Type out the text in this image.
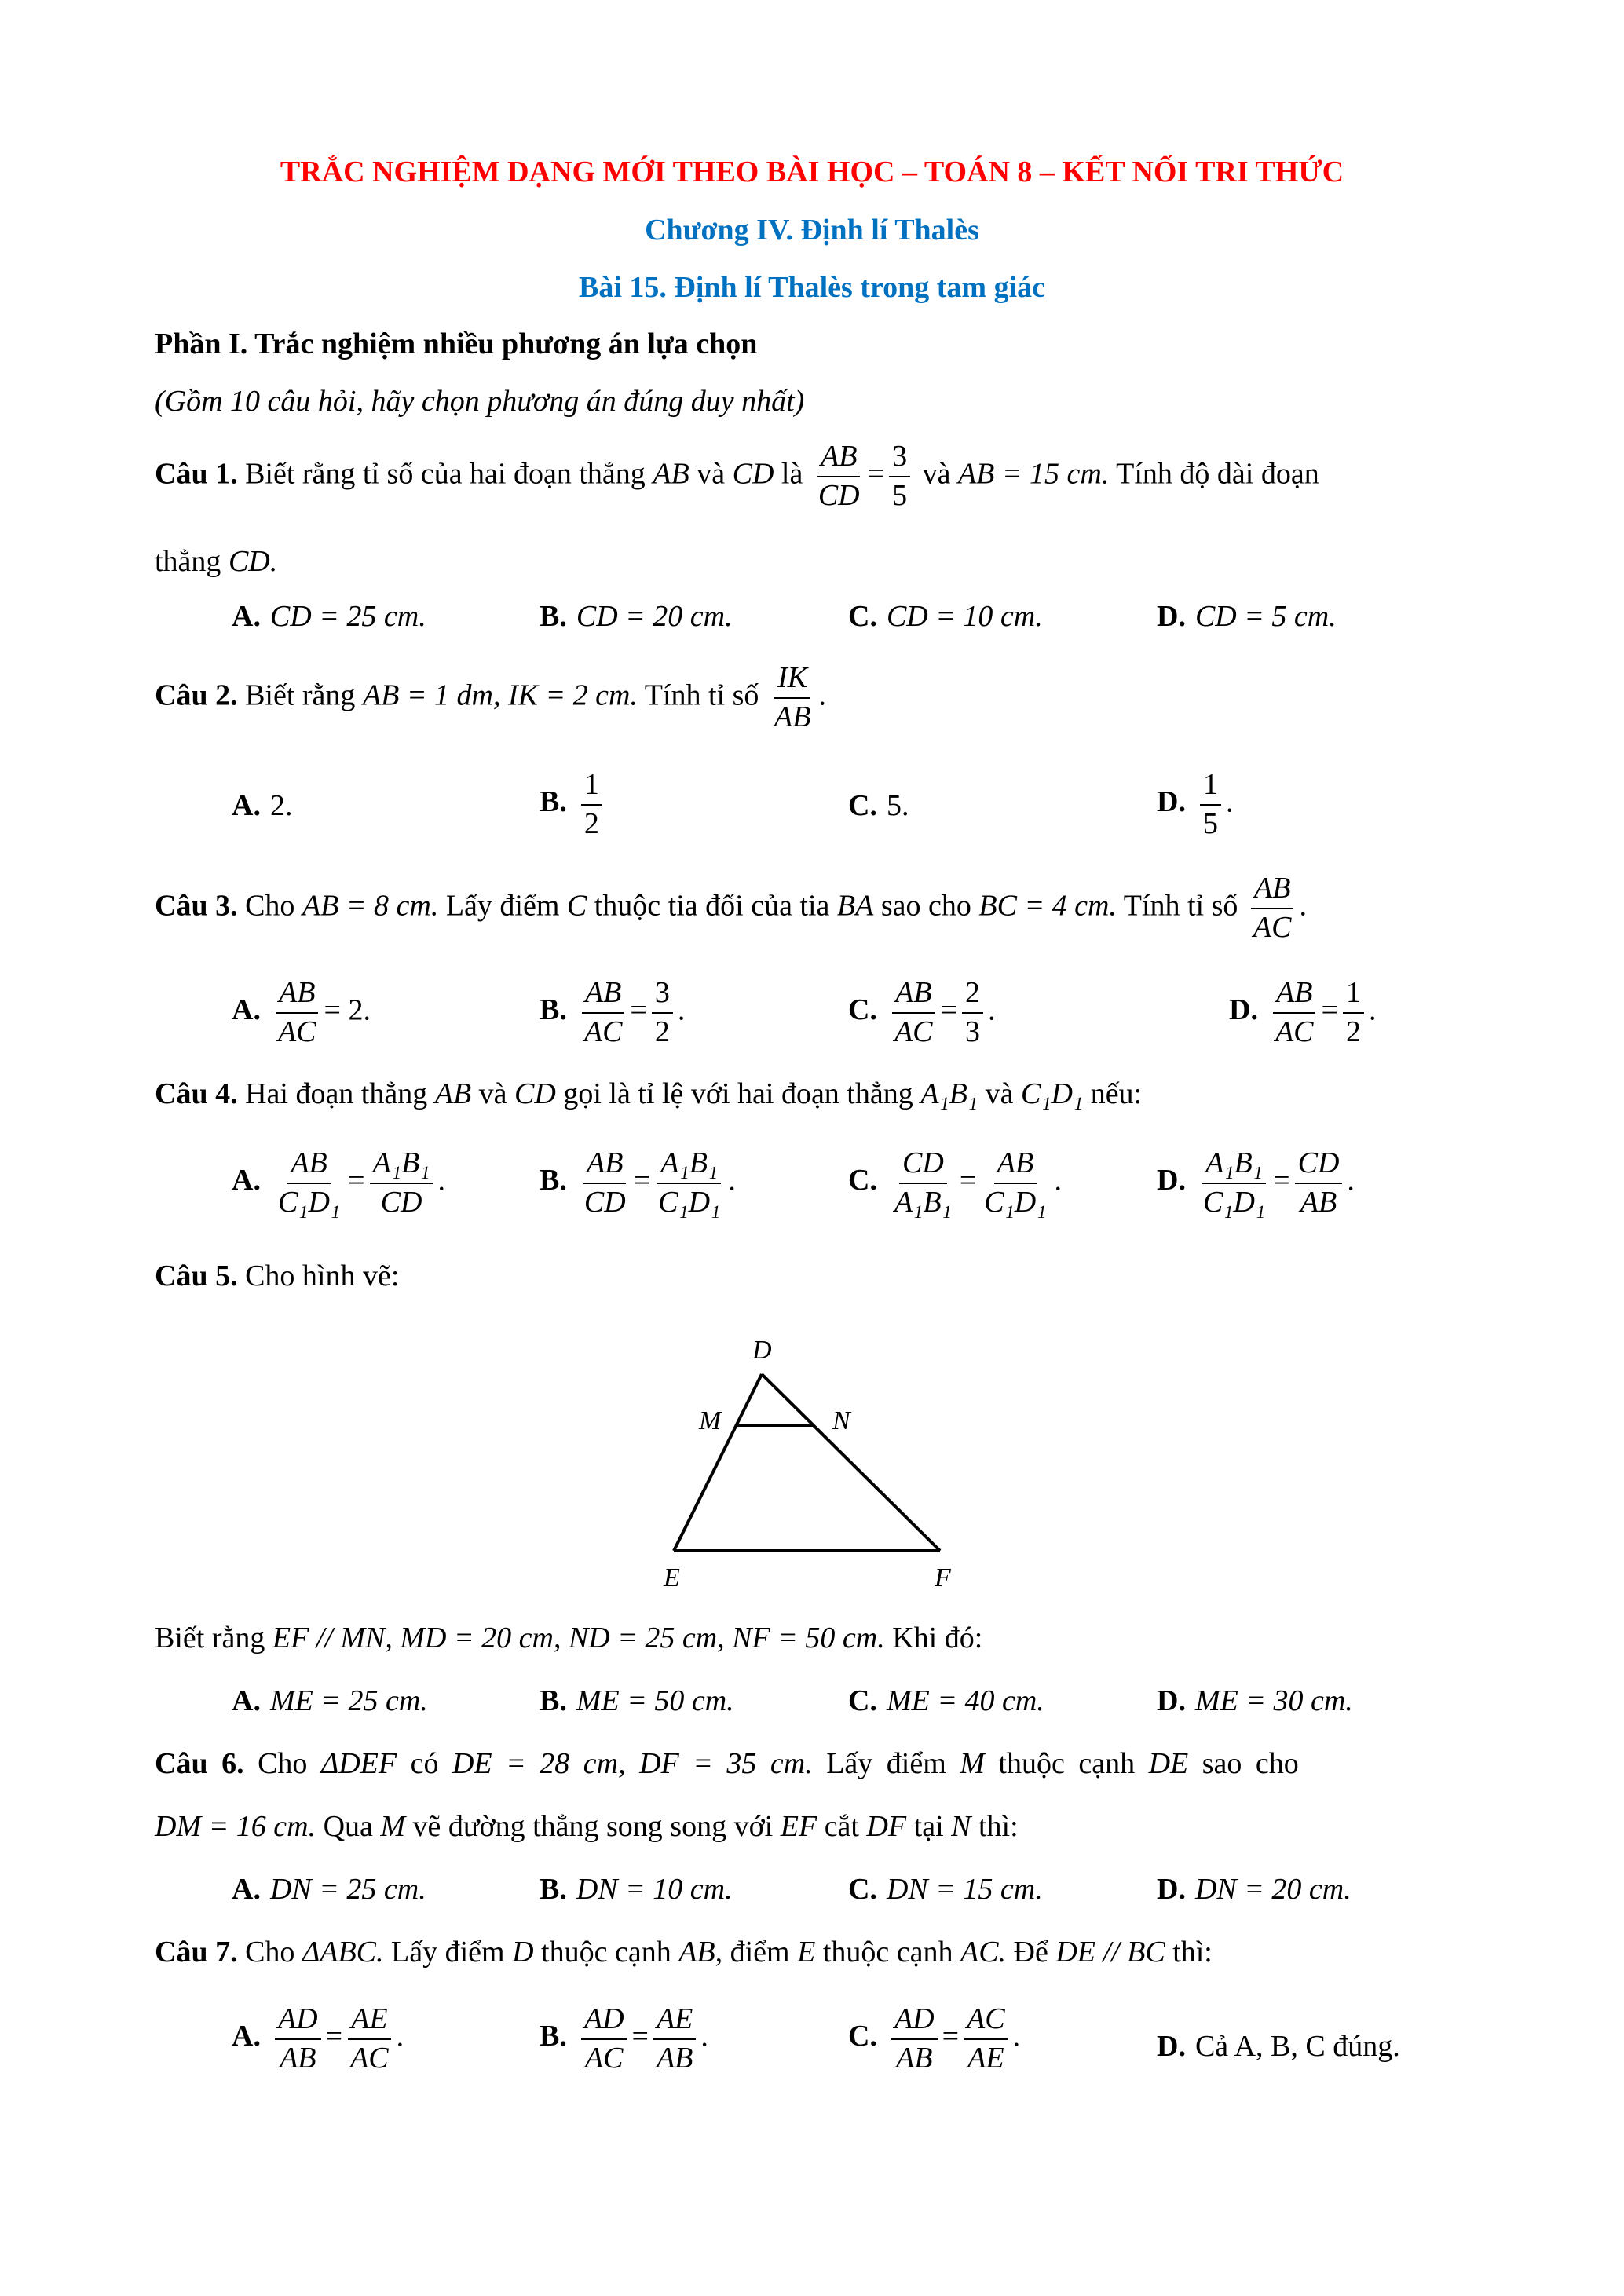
TRẮC NGHIỆM DẠNG MỚI THEO BÀI HỌC – TOÁN 8 – KẾT NỐI TRI THỨC
Chương IV. Định lí Thalès
Bài 15. Định lí Thalès trong tam giác
Phần I. Trắc nghiệm nhiều phương án lựa chọn
(Gồm 10 câu hỏi, hãy chọn phương án đúng duy nhất)
Câu 1. Biết rằng tỉ số của hai đoạn thẳng AB và CD là $\frac{AB}{CD} = \frac{3}{5}$ và AB = 15 cm. Tính độ dài đoạn
thẳng CD.
A. CD = 25 cm.	B. CD = 20 cm.	C. CD = 10 cm.	D. CD = 5 cm.
Câu 2. Biết rằng AB = 1 dm, IK = 2 cm. Tính tỉ số $\frac{IK}{AB}$ .
A. 2.	B. $\frac{1}{2}$	C. 5.	D. $\frac{1}{5}$ .
Câu 3. Cho AB = 8 cm. Lấy điểm C thuộc tia đối của tia BA sao cho BC = 4 cm. Tính tỉ số $\frac{AB}{AC}$ .
A. $\frac{AB}{AC} = 2$.	B. $\frac{AB}{AC} = \frac{3}{2}$ .	C. $\frac{AB}{AC} = \frac{2}{3}$ .	D. $\frac{AB}{AC} = \frac{1}{2}$ .
Câu 4. Hai đoạn thẳng AB và CD gọi là tỉ lệ với hai đoạn thẳng A₁B₁ và C₁D₁ nếu:
A. $\frac{AB}{\text{C₁D₁}} = \frac{\text{A₁B₁}}{CD}$ .	B. $\frac{AB}{CD} = \frac{\text{A₁B₁}}{\text{C₁D₁}}$ .	C. $\frac{CD}{\text{A₁B₁}} = \frac{AB}{\text{C₁D₁}}$ .	D. $\frac{\text{A₁B₁}}{\text{C₁D₁}} = \frac{CD}{AB}$ .
Câu 5. Cho hình vẽ:
D
M	N
E	F
Biết rằng EF // MN, MD = 20 cm, ND = 25 cm, NF = 50 cm. Khi đó:
A. ME = 25 cm.	B. ME = 50 cm.	C. ME = 40 cm.	D. ME = 30 cm.
Câu 6. Cho ΔDEF có DE = 28 cm, DF = 35 cm. Lấy điểm M thuộc cạnh DE sao cho
DM = 16 cm. Qua M vẽ đường thẳng song song với EF cắt DF tại N thì:
A. DN = 25 cm.	B. DN = 10 cm.	C. DN = 15 cm.	D. DN = 20 cm.
Câu 7. Cho ΔABC. Lấy điểm D thuộc cạnh AB, điểm E thuộc cạnh AC. Để DE // BC thì:
A. $\frac{AD}{AB} = \frac{AE}{AC}$ .	B. $\frac{AD}{AC} = \frac{AE}{AB}$ .	C. $\frac{AD}{AB} = \frac{AC}{AE}$ .	D. Cả A, B, C đúng.
